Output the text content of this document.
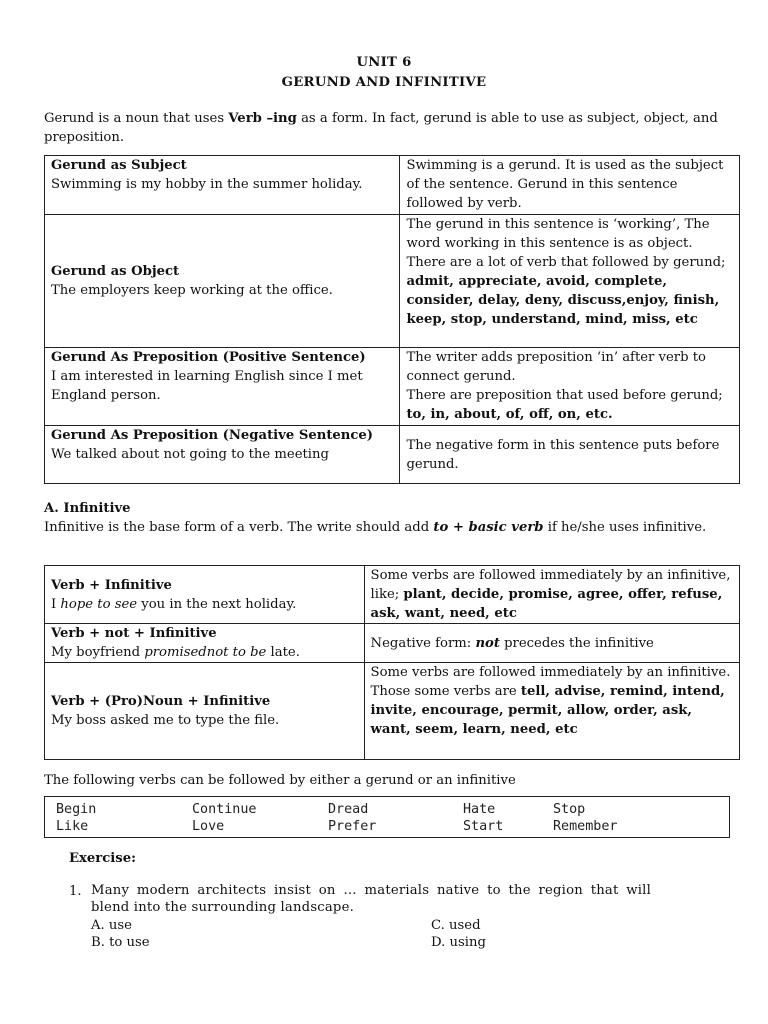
UNIT 6
GERUND AND INFINITIVE
Gerund is a noun that uses Verb –ing as a form. In fact, gerund is able to use as subject, object, and preposition.
Gerund as Subject
Swimming is my hobby in the summer holiday.	Swimming is a gerund. It is used as the subject of the sentence. Gerund in this sentence followed by verb.

Gerund as Object
The employers keep working at the office.	The gerund in this sentence is ‘working’, The word working in this sentence is as object. There are a lot of verb that followed by gerund; admit, appreciate, avoid, complete, consider, delay, deny, discuss,enjoy, finish, keep, stop, understand, mind, miss, etc

Gerund As Preposition (Positive Sentence)
I am interested in learning English since I met England person.	The writer adds preposition ‘in’ after verb to connect gerund.
There are preposition that used before gerund; to, in, about, of, off, on, etc.

Gerund As Preposition (Negative Sentence)
We talked about not going to the meeting	The negative form in this sentence puts before gerund.
A. Infinitive
Infinitive is the base form of a verb. The write should add to + basic verb if he/she uses infinitive.
Verb + Infinitive
I hope to see you in the next holiday.	Some verbs are followed immediately by an infinitive, like; plant, decide, promise, agree, offer, refuse, ask, want, need, etc

Verb + not + Infinitive
My boyfriend promisednot to be late.	Negative form: not precedes the infinitive

Verb + (Pro)Noun + Infinitive
My boss asked me to type the file.	Some verbs are followed immediately by an infinitive. Those some verbs are tell, advise, remind, intend, invite, encourage, permit, allow, order, ask, want, seem, learn, need, etc
The following verbs can be followed by either a gerund or an infinitive
Begin	Continue	Dread	Hate	Stop
Like	Love	Prefer	Start	Remember
Exercise:
1. Many modern architects insist on … materials native to the region that will blend into the surrounding landscape.
A. use	C. used
B. to use	D. using
